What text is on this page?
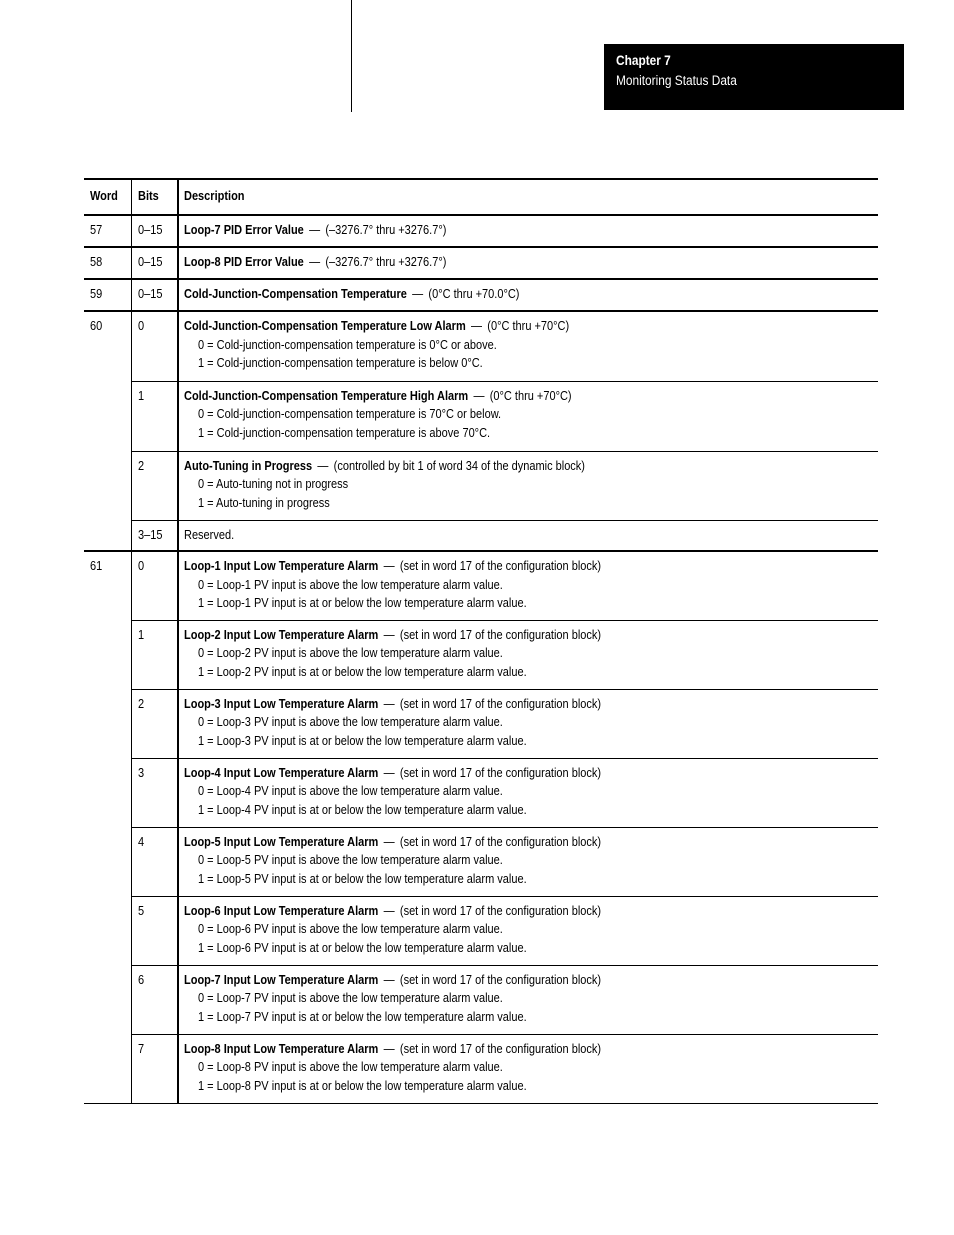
Chapter 7
Monitoring Status Data
Word	Bits	Description
57	0–15	Loop-7 PID Error Value — (–3276.7° thru +3276.7°)
58	0–15	Loop-8 PID Error Value — (–3276.7° thru +3276.7°)
59	0–15	Cold-Junction-Compensation Temperature — (0°C thru +70.0°C)
60	0	Cold-Junction-Compensation Temperature Low Alarm — (0°C thru +70°C)
0 = Cold-junction-compensation temperature is 0°C or above.
1 = Cold-junction-compensation temperature is below 0°C.

	1	Cold-Junction-Compensation Temperature High Alarm — (0°C thru +70°C)
0 = Cold-junction-compensation temperature is 70°C or below.
1 = Cold-junction-compensation temperature is above 70°C.

	2	Auto-Tuning in Progress — (controlled by bit 1 of word 34 of the dynamic block)
0 = Auto-tuning not in progress
1 = Auto-tuning in progress

	3–15	Reserved.
61	0	Loop-1 Input Low Temperature Alarm — (set in word 17 of the configuration block)
0 = Loop-1 PV input is above the low temperature alarm value.
1 = Loop-1 PV input is at or below the low temperature alarm value.

	1	Loop-2 Input Low Temperature Alarm — (set in word 17 of the configuration block)
0 = Loop-2 PV input is above the low temperature alarm value.
1 = Loop-2 PV input is at or below the low temperature alarm value.

	2	Loop-3 Input Low Temperature Alarm — (set in word 17 of the configuration block)
0 = Loop-3 PV input is above the low temperature alarm value.
1 = Loop-3 PV input is at or below the low temperature alarm value.

	3	Loop-4 Input Low Temperature Alarm — (set in word 17 of the configuration block)
0 = Loop-4 PV input is above the low temperature alarm value.
1 = Loop-4 PV input is at or below the low temperature alarm value.

	4	Loop-5 Input Low Temperature Alarm — (set in word 17 of the configuration block)
0 = Loop-5 PV input is above the low temperature alarm value.
1 = Loop-5 PV input is at or below the low temperature alarm value.

	5	Loop-6 Input Low Temperature Alarm — (set in word 17 of the configuration block)
0 = Loop-6 PV input is above the low temperature alarm value.
1 = Loop-6 PV input is at or below the low temperature alarm value.

	6	Loop-7 Input Low Temperature Alarm — (set in word 17 of the configuration block)
0 = Loop-7 PV input is above the low temperature alarm value.
1 = Loop-7 PV input is at or below the low temperature alarm value.

	7	Loop-8 Input Low Temperature Alarm — (set in word 17 of the configuration block)
0 = Loop-8 PV input is above the low temperature alarm value.
1 = Loop-8 PV input is at or below the low temperature alarm value.
